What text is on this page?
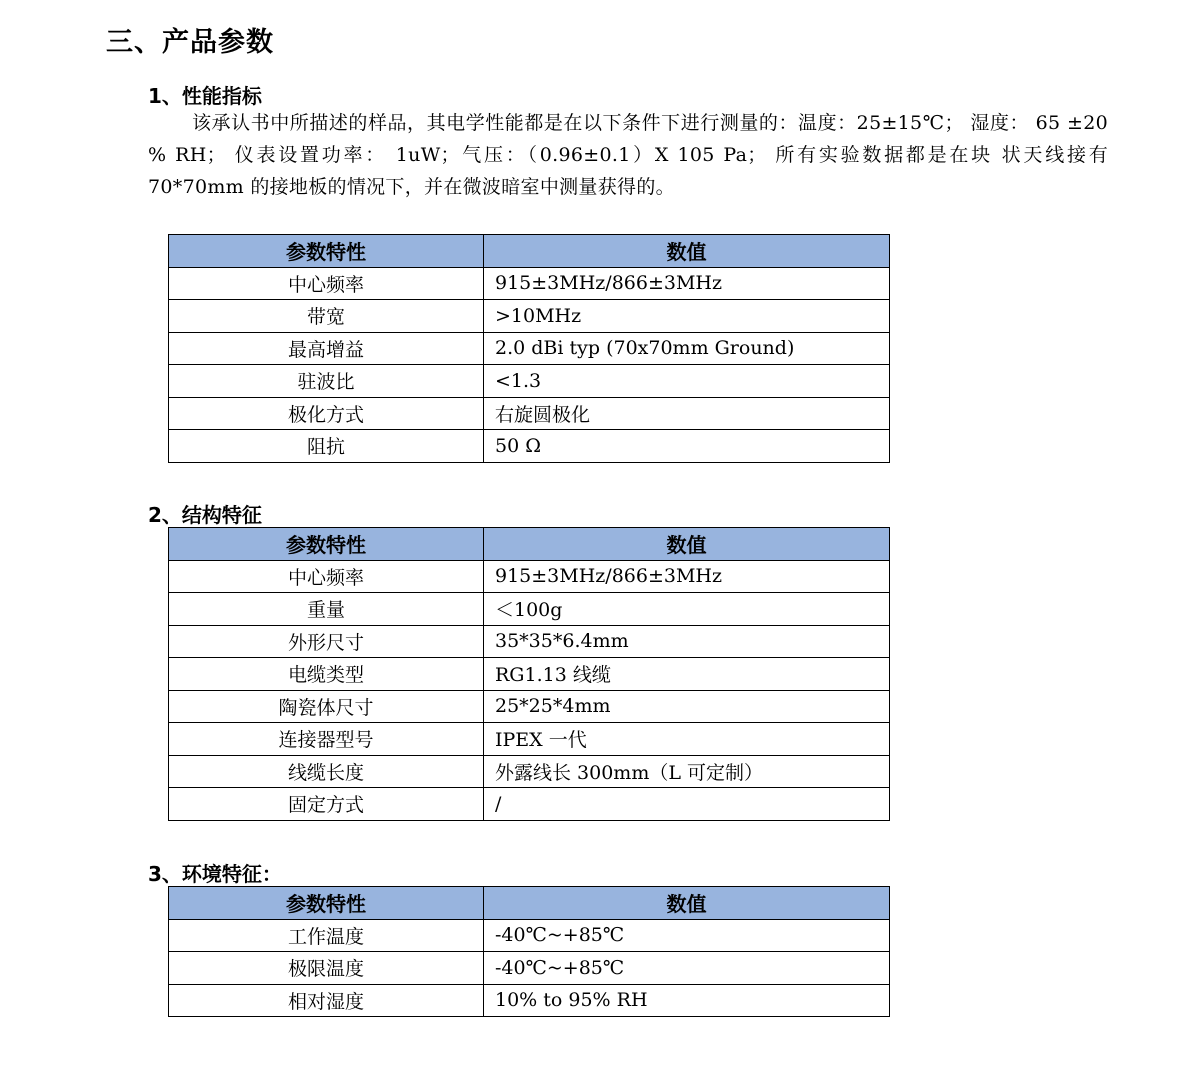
三、产品参数
1、性能指标
该承认书中所描述的样品，其电学性能都是在以下条件下进行测量的：温度：25±15℃； 湿度： 65 ±20 % RH； 仪表设置功率： 1uW；气压：（0.96±0.1）X 105 Pa； 所有实验数据都是在块 状天线接有 70*70mm 的接地板的情况下，并在微波暗室中测量获得的。
参数特性	数值
中心频率	915±3MHz/866±3MHz
带宽	>10MHz
最高增益	2.0 dBi typ (70x70mm Ground)
驻波比	<1.3
极化方式	右旋圆极化
阻抗	50 Ω
2、结构特征
参数特性	数值
中心频率	915±3MHz/866±3MHz
重量	＜100g
外形尺寸	35*35*6.4mm
电缆类型	RG1.13 线缆
陶瓷体尺寸	25*25*4mm
连接器型号	IPEX 一代
线缆长度	外露线长 300mm（L 可定制）
固定方式	/
3、环境特征：
参数特性	数值
工作温度	-40℃~+85℃
极限温度	-40℃~+85℃
相对湿度	10% to 95% RH
